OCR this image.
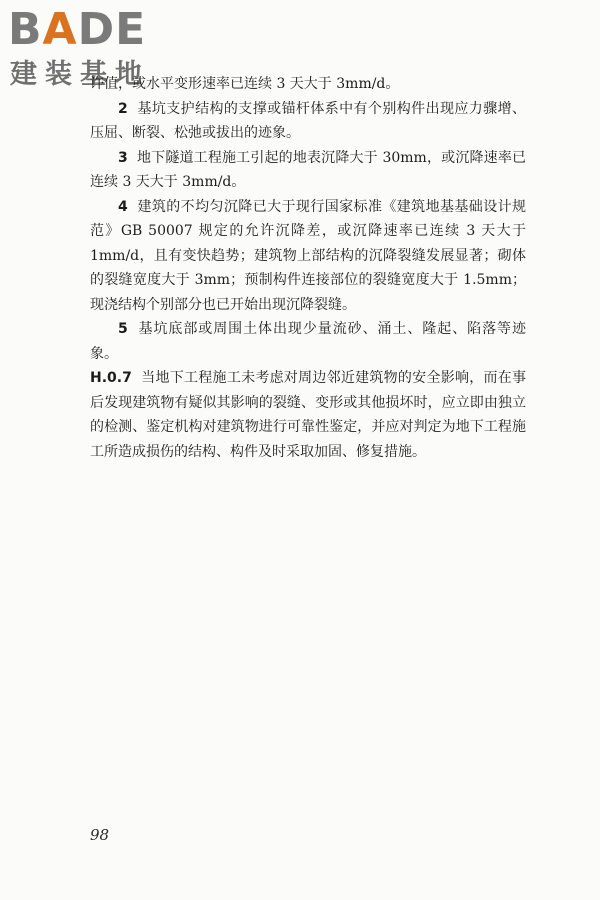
BADE
建装基地

许值，或水平变形速率已连续 3 天大于 3mm/d。

2 基坑支护结构的支撑或锚杆体系中有个别构件出现应力骤增、压屈、断裂、松弛或拔出的迹象。

3 地下隧道工程施工引起的地表沉降大于 30mm，或沉降速率已连续 3 天大于 3mm/d。

4 建筑的不均匀沉降已大于现行国家标准《建筑地基基础设计规范》GB 50007 规定的允许沉降差，或沉降速率已连续 3 天大于 1mm/d，且有变快趋势；建筑物上部结构的沉降裂缝发展显著；砌体的裂缝宽度大于 3mm；预制构件连接部位的裂缝宽度大于 1.5mm；现浇结构个别部分也已开始出现沉降裂缝。

5 基坑底部或周围土体出现少量流砂、涌土、隆起、陷落等迹象。

H.0.7 当地下工程施工未考虑对周边邻近建筑物的安全影响，而在事后发现建筑物有疑似其影响的裂缝、变形或其他损坏时，应立即由独立的检测、鉴定机构对建筑物进行可靠性鉴定，并应对判定为地下工程施工所造成损伤的结构、构件及时采取加固、修复措施。

98
